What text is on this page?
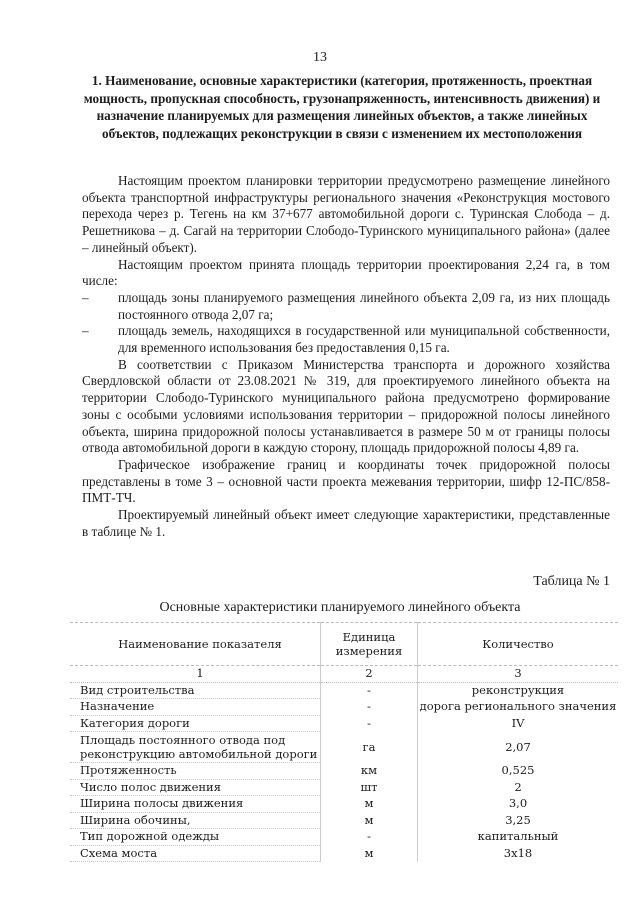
13
1. Наименование, основные характеристики (категория, протяженность, проектная мощность, пропускная способность, грузонапряженность, интенсивность движения) и назначение планируемых для размещения линейных объектов, а также линейных объектов, подлежащих реконструкции в связи с изменением их местоположения

Настоящим проектом планировки территории предусмотрено размещение линейного объекта транспортной инфраструктуры регионального значения «Реконструкция мостового перехода через р. Тегень на км 37+677 автомобильной дороги с. Туринская Слобода – д. Решетникова – д. Сагай на территории Слободо-Туринского муниципального района» (далее – линейный объект).

Настоящим проектом принята площадь территории проектирования 2,24 га, в том числе:

–	площадь зоны планируемого размещения линейного объекта 2,09 га, из них площадь постоянного отвода 2,07 га;

–	площадь земель, находящихся в государственной или муниципальной собственности, для временного использования без предоставления 0,15 га.

В соответствии с Приказом Министерства транспорта и дорожного хозяйства Свердловской области от 23.08.2021 № 319, для проектируемого линейного объекта на территории Слободо-Туринского муниципального района предусмотрено формирование зоны с особыми условиями использования территории – придорожной полосы линейного объекта, ширина придорожной полосы устанавливается в размере 50 м от границы полосы отвода автомобильной дороги в каждую сторону, площадь придорожной полосы 4,89 га.

Графическое изображение границ и координаты точек придорожной полосы представлены в томе 3 – основной части проекта межевания территории, шифр 12-ПС/858-ПМТ-ТЧ.

Проектируемый линейный объект имеет следующие характеристики, представленные в таблице № 1.

Таблица № 1
Основные характеристики планируемого линейного объекта
Наименование показателя	Единица измерения	Количество
1	2	3
Вид строительства	-	реконструкция
Назначение	-	дорога регионального значения
Категория дороги	-	IV
Площадь постоянного отвода под реконструкцию автомобильной дороги	га	2,07
Протяженность	км	0,525
Число полос движения	шт	2
Ширина полосы движения	м	3,0
Ширина обочины,	м	3,25
Тип дорожной одежды	-	капитальный
Схема моста	м	3x18
